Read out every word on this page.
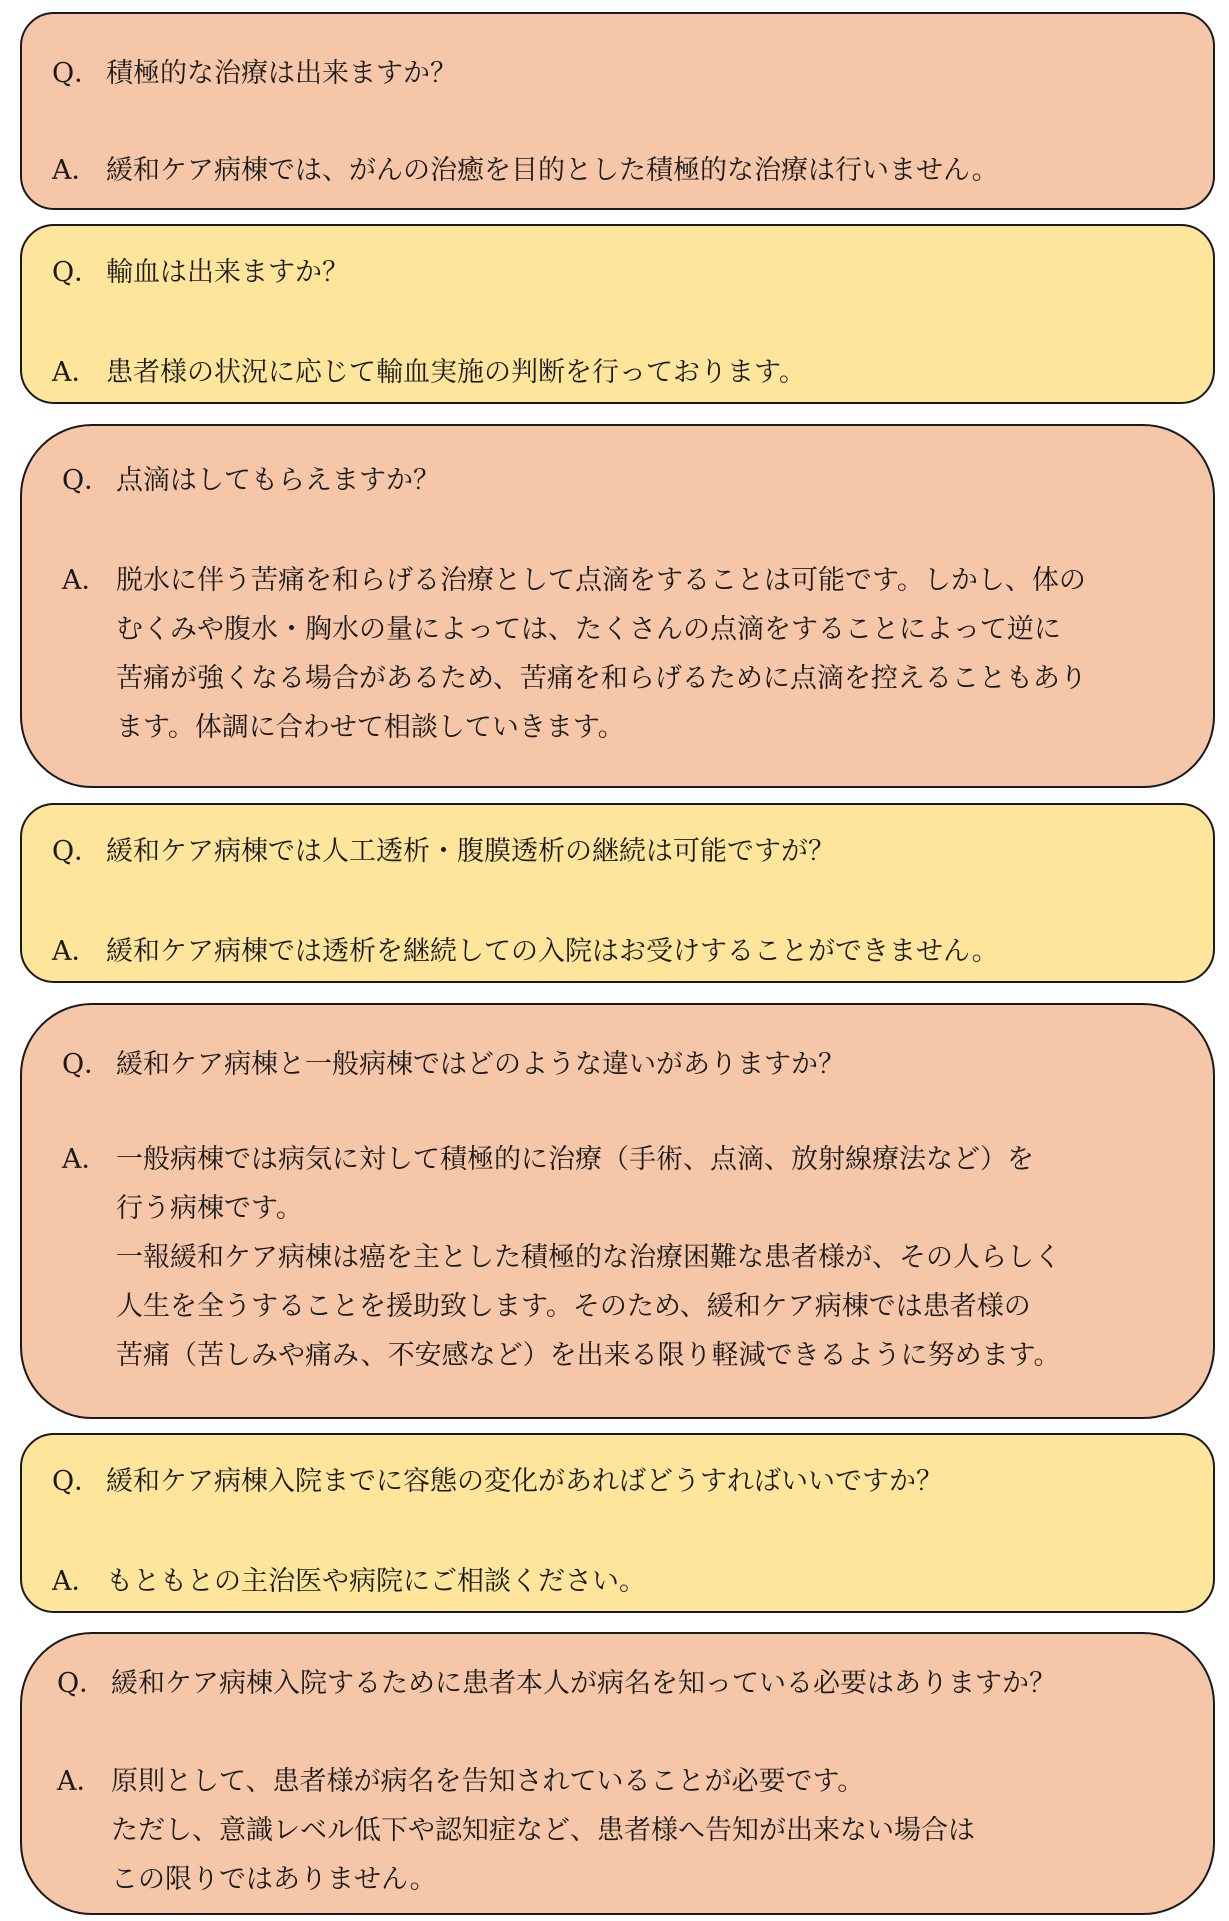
Q． 積極的な治療は出来ますか？
A． 緩和ケア病棟では、がんの治癒を目的とした積極的な治療は行いません。
Q． 輸血は出来ますか？
A． 患者様の状況に応じて輸血実施の判断を行っております。
Q． 点滴はしてもらえますか？
A． 脱水に伴う苦痛を和らげる治療として点滴をすることは可能です。しかし、体の
むくみや腹水・胸水の量によっては、たくさんの点滴をすることによって逆に
苦痛が強くなる場合があるため、苦痛を和らげるために点滴を控えることもあり
ます。体調に合わせて相談していきます。
Q． 緩和ケア病棟では人工透析・腹膜透析の継続は可能ですが？
A． 緩和ケア病棟では透析を継続しての入院はお受けすることができません。
Q． 緩和ケア病棟と一般病棟ではどのような違いがありますか？
A． 一般病棟では病気に対して積極的に治療（手術、点滴、放射線療法など）を
行う病棟です。
一報緩和ケア病棟は癌を主とした積極的な治療困難な患者様が、その人らしく
人生を全うすることを援助致します。そのため、緩和ケア病棟では患者様の
苦痛（苦しみや痛み、不安感など）を出来る限り軽減できるように努めます。
Q． 緩和ケア病棟入院までに容態の変化があればどうすればいいですか？
A． もともとの主治医や病院にご相談ください。
Q． 緩和ケア病棟入院するために患者本人が病名を知っている必要はありますか？
A． 原則として、患者様が病名を告知されていることが必要です。
ただし、意識レベル低下や認知症など、患者様へ告知が出来ない場合は
この限りではありません。
